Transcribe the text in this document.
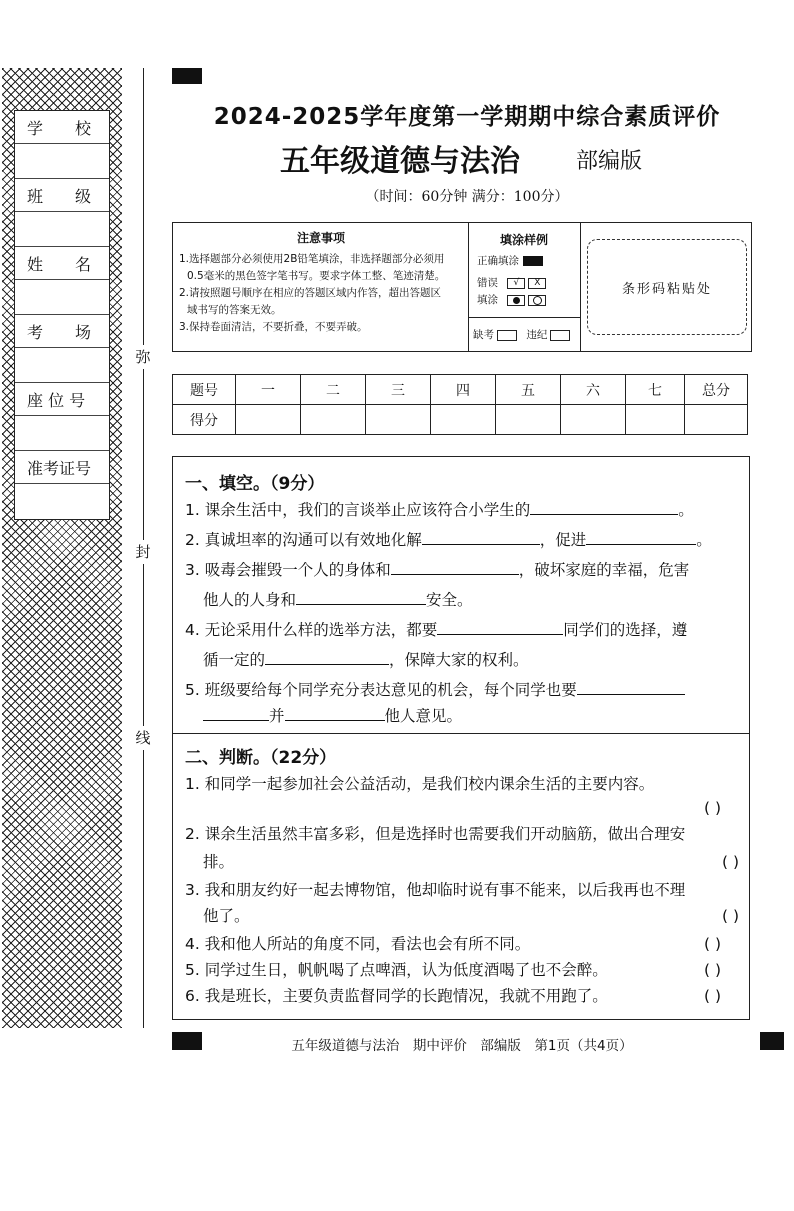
学　　校
班　　级
姓　　名
考　　场
座 位 号
准考证号
弥
封
线
2024-2025学年度第一学期期中综合素质评价
五年级道德与法治	部编版
（时间：60分钟 满分：100分）
注意事项
1.选择题部分必须使用2B铅笔填涂，非选择题部分必须用
0.5毫米的黑色签字笔书写。要求字体工整、笔迹清楚。
2.请按照题号顺序在相应的答题区域内作答，超出答题区
域书写的答案无效。
3.保持卷面清洁，不要折叠，不要弄破。
填涂样例
正确填涂
错误 √ X
填涂
缺考	违纪
条形码粘贴处
题号	一	二	三	四	五	六	七	总分
得分								
一、填空。（9分）
1. 课余生活中，我们的言谈举止应该符合小学生的	。
2. 真诚坦率的沟通可以有效地化解	，促进	。
3. 吸毒会摧毁一个人的身体和	，破坏家庭的幸福，危害
他人的人身和	安全。
4. 无论采用什么样的选举方法，都要	同学们的选择，遵
循一定的	，保障大家的权利。
5. 班级要给每个同学充分表达意见的机会，每个同学也要
并	他人意见。
二、判断。（22分）
1. 和同学一起参加社会公益活动，是我们校内课余生活的主要内容。
( )
2. 课余生活虽然丰富多彩，但是选择时也需要我们开动脑筋，做出合理安
排。	( )
3. 我和朋友约好一起去博物馆，他却临时说有事不能来，以后我再也不理
他了。	( )
4. 我和他人所站的角度不同，看法也会有所不同。	( )
5. 同学过生日，帆帆喝了点啤酒，认为低度酒喝了也不会醉。	( )
6. 我是班长，主要负责监督同学的长跑情况，我就不用跑了。	( )
五年级道德与法治　期中评价　部编版　第1页（共4页）
